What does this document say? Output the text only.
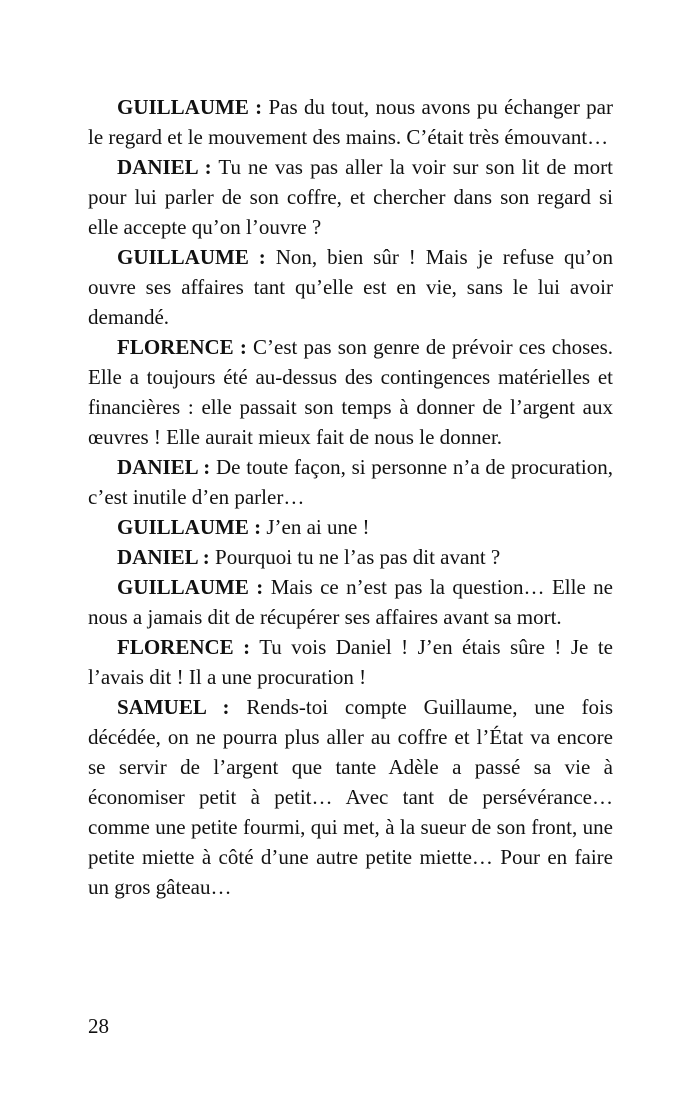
GUILLAUME : Pas du tout, nous avons pu échanger par le regard et le mouvement des mains. C’était très émouvant…

DANIEL : Tu ne vas pas aller la voir sur son lit de mort pour lui parler de son coffre, et chercher dans son regard si elle accepte qu’on l’ouvre ?

GUILLAUME : Non, bien sûr ! Mais je refuse qu’on ouvre ses affaires tant qu’elle est en vie, sans le lui avoir demandé.

FLORENCE : C’est pas son genre de prévoir ces choses. Elle a toujours été au-dessus des contingences matérielles et financières : elle passait son temps à donner de l’argent aux œuvres ! Elle aurait mieux fait de nous le donner.

DANIEL : De toute façon, si personne n’a de procuration, c’est inutile d’en parler…

GUILLAUME : J’en ai une !

DANIEL : Pourquoi tu ne l’as pas dit avant ?

GUILLAUME : Mais ce n’est pas la question… Elle ne nous a jamais dit de récupérer ses affaires avant sa mort.

FLORENCE : Tu vois Daniel ! J’en étais sûre ! Je te l’avais dit ! Il a une procuration !

SAMUEL : Rends-toi compte Guillaume, une fois décédée, on ne pourra plus aller au coffre et l’État va encore se servir de l’argent que tante Adèle a passé sa vie à économiser petit à petit… Avec tant de persévérance… comme une petite fourmi, qui met, à la sueur de son front, une petite miette à côté d’une autre petite miette… Pour en faire un gros gâteau…

28
